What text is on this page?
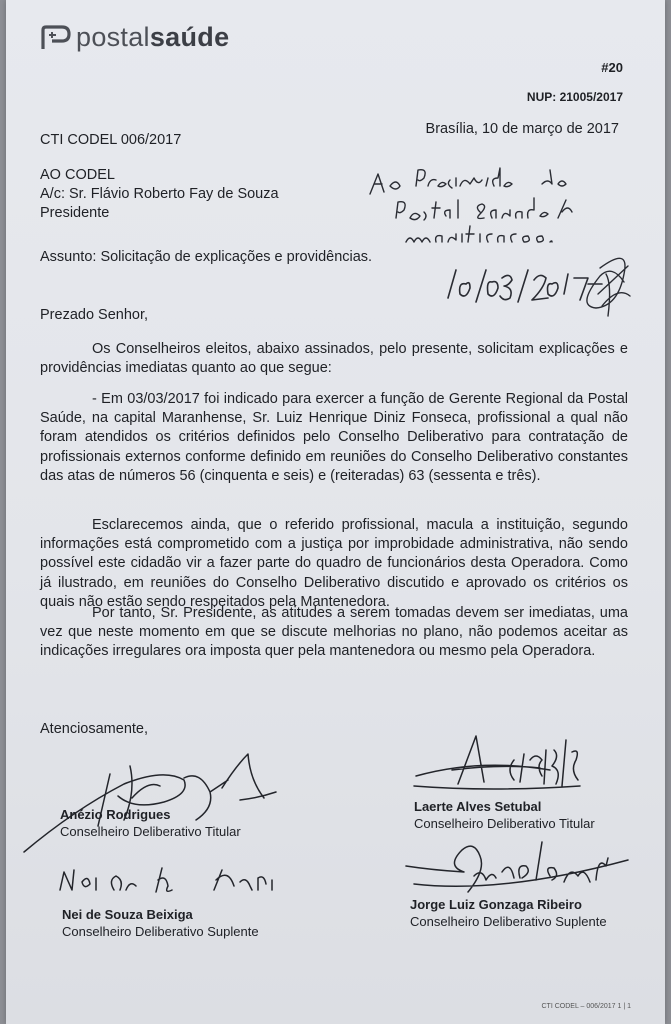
postalsaúde
#20
NUP: 21005/2017
CTI CODEL 006/2017
Brasília, 10 de março de 2017
AO CODEL
A/c: Sr. Flávio Roberto Fay de Souza
Presidente
Assunto: Solicitação de explicações e providências.
Prezado Senhor,
Os Conselheiros eleitos, abaixo assinados, pelo presente, solicitam explicações e providências imediatas quanto ao que segue:
- Em 03/03/2017 foi indicado para exercer a função de Gerente Regional da Postal Saúde, na capital Maranhense, Sr. Luiz Henrique Diniz Fonseca, profissional a qual não foram atendidos os critérios definidos pelo Conselho Deliberativo para contratação de profissionais externos conforme definido em reuniões do Conselho Deliberativo constantes das atas de números 56 (cinquenta e seis) e (reiteradas) 63 (sessenta e três).
Esclarecemos ainda, que o referido profissional, macula a instituição, segundo informações está comprometido com a justiça por improbidade administrativa, não sendo possível este cidadão vir a fazer parte do quadro de funcionários desta Operadora. Como já ilustrado, em reuniões do Conselho Deliberativo discutido e aprovado os critérios os quais não estão sendo respeitados pela Mantenedora.
Por tanto, Sr. Presidente, as atitudes a serem tomadas devem ser imediatas, uma vez que neste momento em que se discute melhorias no plano, não podemos aceitar as indicações irregulares ora imposta quer pela mantenedora ou mesmo pela Operadora.
Atenciosamente,
Anézio Rodrigues
Conselheiro Deliberativo Titular
Laerte Alves Setubal
Conselheiro Deliberativo Titular
Nei de Souza Beixiga
Conselheiro Deliberativo Suplente
Jorge Luiz Gonzaga Ribeiro
Conselheiro Deliberativo Suplente
CTI CODEL – 006/2017 1 | 1
